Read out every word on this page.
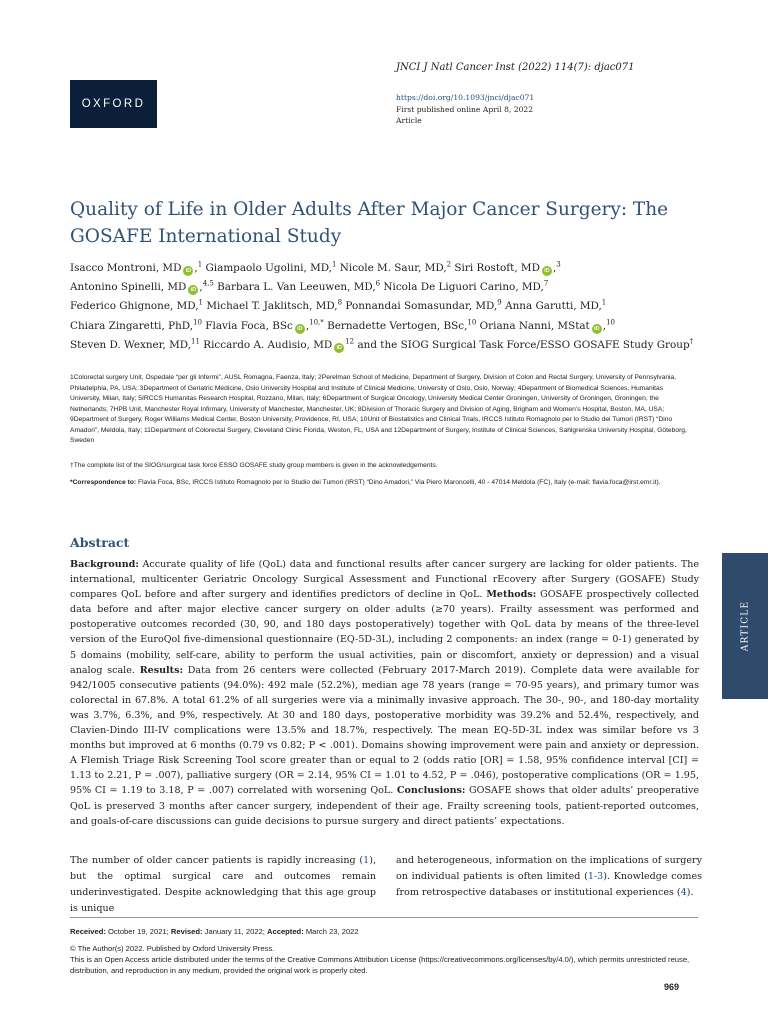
OXFORD
JNCI J Natl Cancer Inst (2022) 114(7): djac071
https://doi.org/10.1093/jnci/djac071
First published online April 8, 2022
Article
Quality of Life in Older Adults After Major Cancer Surgery: The GOSAFE International Study
Isacco Montroni, MD iD ,$^1$ Giampaolo Ugolini, MD,$^1$ Nicole M. Saur, MD,$^2$ Siri Rostoft, MD iD ,$^3$
Antonino Spinelli, MD iD ,$^{4,5}$ Barbara L. Van Leeuwen, MD,$^6$ Nicola De Liguori Carino, MD,$^7$
Federico Ghignone, MD,$^1$ Michael T. Jaklitsch, MD,$^8$ Ponnandai Somasundar, MD,$^9$ Anna Garutti, MD,$^1$
Chiara Zingaretti, PhD,$^{10}$ Flavia Foca, BSc iD ,$^{10,*}$ Bernadette Vertogen, BSc,$^{10}$ Oriana Nanni, MStat iD ,$^{10}$
Steven D. Wexner, MD,$^{11}$ Riccardo A. Audisio, MD $iD^{12}$ and the SIOG Surgical Task Force/ESSO GOSAFE Study Group†
1Colorectal surgery Unit, Ospedale “per gli Infermi”, AUSL Romagna, Faenza, Italy; 2Perelman School of Medicine, Department of Surgery, Division of Colon and Rectal Surgery, University of Pennsylvania, Philadelphia, PA, USA; 3Department of Geriatric Medicine, Oslo University Hospital and Institute of Clinical Medicine, University of Oslo, Oslo, Norway; 4Department of Biomedical Sciences, Humanitas University, Milan, Italy; 5IRCCS Humanitas Research Hospital, Rozzano, Milan, Italy; 6Department of Surgical Oncology, University Medical Center Groningen, University of Groningen, Groningen, the Netherlands; 7HPB Unit, Manchester Royal Infirmary, University of Manchester, Manchester, UK; 8Division of Thoracic Surgery and Division of Aging, Brigham and Women’s Hospital, Boston, MA, USA; 9Department of Surgery, Roger Williams Medical Center, Boston University, Providence, RI, USA; 10Unit of Biostatistics and Clinical Trials, IRCCS Istituto Romagnolo per lo Studio dei Tumori (IRST) “Dino Amadori”, Meldola, Italy; 11Department of Colorectal Surgery, Cleveland Clinic Florida, Weston, FL, USA and 12Department of Surgery, Institute of Clinical Sciences, Sahlgrenska University Hospital, Göteborg, Sweden
†The complete list of the SIOG/surgical task force ESSO GOSAFE study group members is given in the acknowledgements.
*Correspondence to: Flavia Foca, BSc, IRCCS Istituto Romagnolo per lo Studio dei Tumori (IRST) “Dino Amadori,” Via Piero Maroncelli, 40 - 47014 Meldola (FC), Italy (e-mail: flavia.foca@irst.emr.it).
Abstract
Background: Accurate quality of life (QoL) data and functional results after cancer surgery are lacking for older patients. The international, multicenter Geriatric Oncology Surgical Assessment and Functional rEcovery after Surgery (GOSAFE) Study compares QoL before and after surgery and identifies predictors of decline in QoL. Methods: GOSAFE prospectively collected data before and after major elective cancer surgery on older adults (≥70 years). Frailty assessment was performed and postoperative outcomes recorded (30, 90, and 180 days postoperatively) together with QoL data by means of the three-level version of the EuroQol five-dimensional questionnaire (EQ-5D-3L), including 2 components: an index (range = 0-1) generated by 5 domains (mobility, self-care, ability to perform the usual activities, pain or discomfort, anxiety or depression) and a visual analog scale. Results: Data from 26 centers were collected (February 2017-March 2019). Complete data were available for 942/1005 consecutive patients (94.0%): 492 male (52.2%), median age 78 years (range = 70-95 years), and primary tumor was colorectal in 67.8%. A total 61.2% of all surgeries were via a minimally invasive approach. The 30-, 90-, and 180-day mortality was 3.7%, 6.3%, and 9%, respectively. At 30 and 180 days, postoperative morbidity was 39.2% and 52.4%, respectively, and Clavien-Dindo III-IV complications were 13.5% and 18.7%, respectively. The mean EQ-5D-3L index was similar before vs 3 months but improved at 6 months (0.79 vs 0.82; P < .001). Domains showing improvement were pain and anxiety or depression. A Flemish Triage Risk Screening Tool score greater than or equal to 2 (odds ratio [OR] = 1.58, 95% confidence interval [CI] = 1.13 to 2.21, P = .007), palliative surgery (OR = 2.14, 95% CI = 1.01 to 4.52, P = .046), postoperative complications (OR = 1.95, 95% CI = 1.19 to 3.18, P = .007) correlated with worsening QoL. Conclusions: GOSAFE shows that older adults’ preoperative QoL is preserved 3 months after cancer surgery, independent of their age. Frailty screening tools, patient-reported outcomes, and goals-of-care discussions can guide decisions to pursue surgery and direct patients’ expectations.
ARTICLE
The number of older cancer patients is rapidly increasing (1), but the optimal surgical care and outcomes remain underinvestigated. Despite acknowledging that this age group is unique
and heterogeneous, information on the implications of surgery on individual patients is often limited (1-3). Knowledge comes from retrospective databases or institutional experiences (4).
Received: October 19, 2021; Revised: January 11, 2022; Accepted: March 23, 2022
© The Author(s) 2022. Published by Oxford University Press.
This is an Open Access article distributed under the terms of the Creative Commons Attribution License (https://creativecommons.org/licenses/by/4.0/), which permits unrestricted reuse, distribution, and reproduction in any medium, provided the original work is properly cited.
969
